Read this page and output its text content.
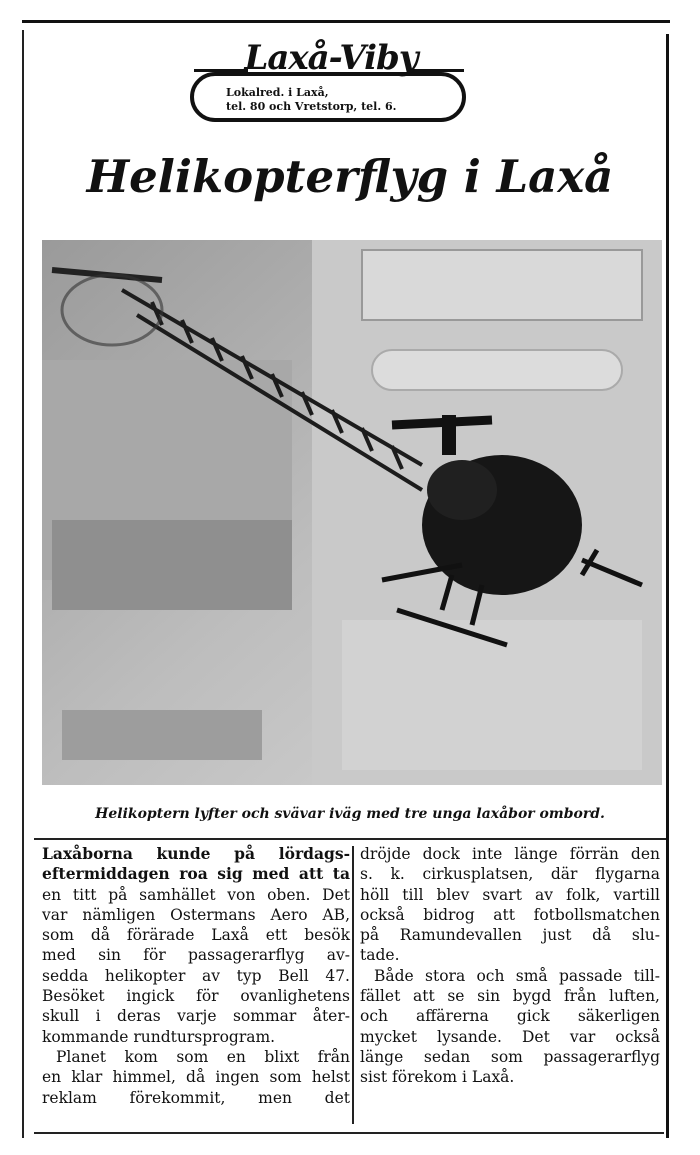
Laxå-Viby
Lokalred. i Laxå,
tel. 80 och Vretstorp, tel. 6.
Helikopterflyg i Laxå
Helikoptern lyfter och svävar iväg med tre unga laxåbor ombord.
Laxåborna kunde på lördags-
eftermiddagen roa sig med att ta
en titt på samhället von oben. Det
var nämligen Ostermans Aero AB,
som då förärade Laxå ett besök
med sin för passagerarflyg av-
sedda helikopter av typ Bell 47.
Besöket ingick för ovanlighetens
skull i deras varje sommar åter-
kommande rundtursprogram.
Planet kom som en blixt från
en klar himmel, då ingen som helst
reklam förekommit, men det
dröjde dock inte länge förrän den
s. k. cirkusplatsen, där flygarna
höll till blev svart av folk, vartill
också bidrog att fotbollsmatchen
på Ramundevallen just då slu-
tade.
Både stora och små passade till-
fället att se sin bygd från luften,
och affärerna gick säkerligen
mycket lysande. Det var också
länge sedan som passagerarflyg
sist förekom i Laxå.
